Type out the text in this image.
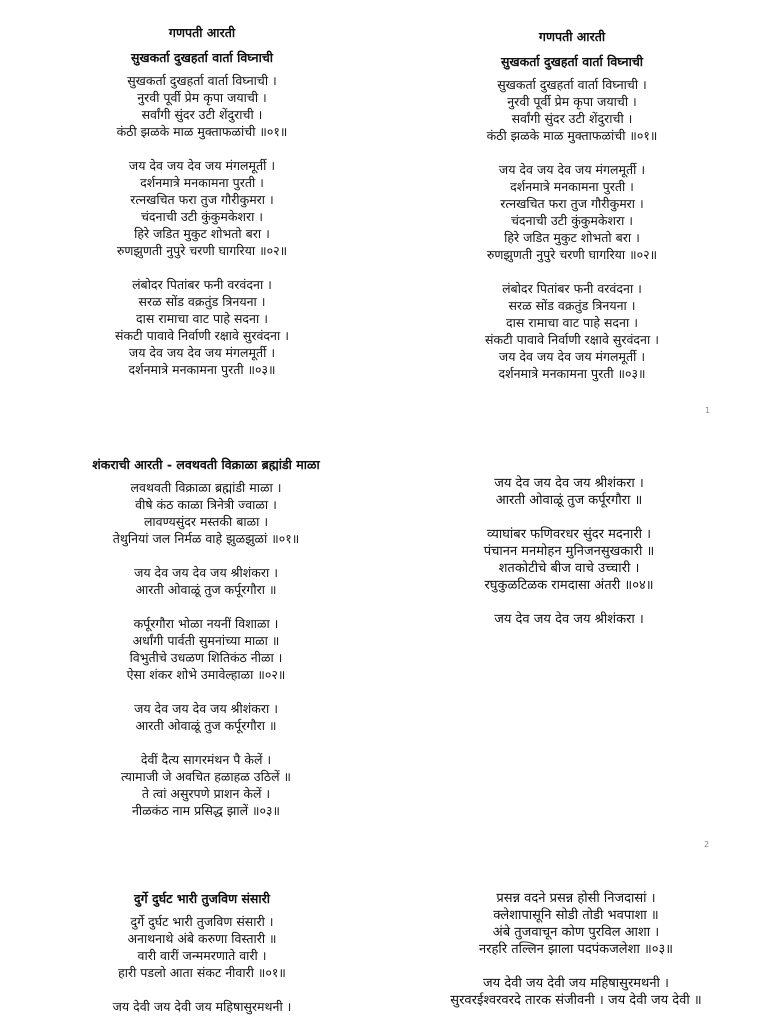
गणपती आरती
सुखकर्ता दुखहर्ता वार्ता विघ्नाची
सुखकर्ता दुखहर्ता वार्ता विघ्नाची ।
नुरवी पूर्वी प्रेम कृपा जयाची ।
सर्वांगी सुंदर उटी शेंदुराची ।
कंठी झळके माळ मुक्ताफळांची ॥०१॥
जय देव जय देव जय मंगलमूर्ती ।
दर्शनमात्रे मनकामना पुरती ।
रत्नखचित फरा तुज गौरीकुमरा ।
चंदनाची उटी कुंकुमकेशरा ।
हिरे जडित मुकुट शोभतो बरा ।
रुणझुणती नुपुरे चरणी घागरिया ॥०२॥
लंबोदर पितांबर फनी वरवंदना ।
सरळ सोंड वक्रतुंड त्रिनयना ।
दास रामाचा वाट पाहे सदना ।
संकटी पावावे निर्वाणी रक्षावे सुरवंदना ।
जय देव जय देव जय मंगलमूर्ती ।
दर्शनमात्रे मनकामना पुरती ॥०३॥
गणपती आरती
सुखकर्ता दुखहर्ता वार्ता विघ्नाची
सुखकर्ता दुखहर्ता वार्ता विघ्नाची ।
नुरवी पूर्वी प्रेम कृपा जयाची ।
सर्वांगी सुंदर उटी शेंदुराची ।
कंठी झळके माळ मुक्ताफळांची ॥०१॥
जय देव जय देव जय मंगलमूर्ती ।
दर्शनमात्रे मनकामना पुरती ।
रत्नखचित फरा तुज गौरीकुमरा ।
चंदनाची उटी कुंकुमकेशरा ।
हिरे जडित मुकुट शोभतो बरा ।
रुणझुणती नुपुरे चरणी घागरिया ॥०२॥
लंबोदर पितांबर फनी वरवंदना ।
सरळ सोंड वक्रतुंड त्रिनयना ।
दास रामाचा वाट पाहे सदना ।
संकटी पावावे निर्वाणी रक्षावे सुरवंदना ।
जय देव जय देव जय मंगलमूर्ती ।
दर्शनमात्रे मनकामना पुरती ॥०३॥
1
शंकराची आरती - लवथवती विक्राळा ब्रह्मांडी माळा
लवथवती विक्राळा ब्रह्मांडी माळा ।
वीषे कंठ काळा त्रिनेत्री ज्वाळा ।
लावण्यसुंदर मस्तकी बाळा ।
तेथुनियां जल निर्मळ वाहे झुळझुळां ॥०१॥
जय देव जय देव जय श्रीशंकरा ।
आरती ओवाळूं तुज कर्पूरगौरा ॥
कर्पूरगौरा भोळा नयनीं विशाळा ।
अर्धांगी पार्वती सुमनांच्या माळा ॥
विभुतीचे उधळण शितिकंठ नीळा ।
ऐसा शंकर शोभे उमावेल्हाळा ॥०२॥
जय देव जय देव जय श्रीशंकरा ।
आरती ओवाळूं तुज कर्पूरगौरा ॥
देवीं दैत्य सागरमंथन पै केलें ।
त्यामाजी जे अवचित हळाहळ उठिलें ॥
ते त्वां असुरपणे प्राशन केलें ।
नीळकंठ नाम प्रसिद्ध झालें ॥०३॥
जय देव जय देव जय श्रीशंकरा ।
आरती ओवाळूं तुज कर्पूरगौरा ॥
व्याघांबर फणिवरधर सुंदर मदनारी ।
पंचानन मनमोहन मुनिजनसुखकारी ॥
शतकोटीचे बीज वाचे उच्चारी ।
रघुकुळटिळक रामदासा अंतरी ॥०४॥
जय देव जय देव जय श्रीशंकरा ।
2
दुर्गे दुर्घट भारी तुजविण संसारी
दुर्गे दुर्घट भारी तुजविण संसारी ।
अनाथनाथे अंबे करुणा विस्तारी ॥
वारी वारीं जन्ममरणाते वारी ।
हारी पडलो आता संकट नीवारी ॥०१॥
जय देवी जय देवी जय महिषासुरमथनी ।
प्रसन्न वदने प्रसन्न होसी निजदासां ।
क्लेशापासूनि सोडी तोडी भवपाशा ॥
अंबे तुजवाचून कोण पुरविल आशा ।
नरहरि तल्लिन झाला पदपंकजलेशा ॥०३॥
जय देवी जय देवी जय महिषासुरमथनी ।
सुरवरईश्वरवरदे तारक संजीवनी । जय देवी जय देवी ॥
